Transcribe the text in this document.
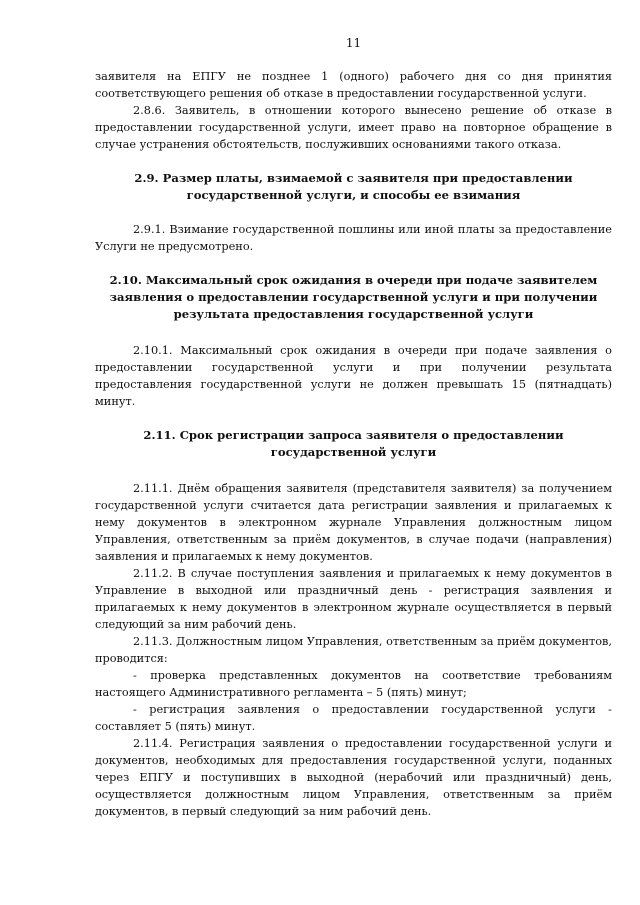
11

заявителя на ЕПГУ не позднее 1 (одного) рабочего дня со дня принятия соответствующего решения об отказе в предоставлении государственной услуги.

2.8.6. Заявитель, в отношении которого вынесено решение об отказе в предоставлении государственной услуги, имеет право на повторное обращение в случае устранения обстоятельств, послуживших основаниями такого отказа.

2.9. Размер платы, взимаемой с заявителя при предоставлении государственной услуги, и способы ее взимания

2.9.1. Взимание государственной пошлины или иной платы за предоставление Услуги не предусмотрено.

2.10. Максимальный срок ожидания в очереди при подаче заявителем заявления о предоставлении государственной услуги и при получении результата предоставления государственной услуги

2.10.1. Максимальный срок ожидания в очереди при подаче заявления о предоставлении государственной услуги и при получении результата предоставления государственной услуги не должен превышать 15 (пятнадцать) минут.

2.11. Срок регистрации запроса заявителя о предоставлении государственной услуги

2.11.1. Днём обращения заявителя (представителя заявителя) за получением государственной услуги считается дата регистрации заявления и прилагаемых к нему документов в электронном журнале Управления должностным лицом Управления, ответственным за приём документов, в случае подачи (направления) заявления и прилагаемых к нему документов.

2.11.2. В случае поступления заявления и прилагаемых к нему документов в Управление в выходной или праздничный день - регистрация заявления и прилагаемых к нему документов в электронном журнале осуществляется в первый следующий за ним рабочий день.

2.11.3. Должностным лицом Управления, ответственным за приём документов, проводится:

- проверка представленных документов на соответствие требованиям настоящего Административного регламента – 5 (пять) минут;

- регистрация заявления о предоставлении государственной услуги - составляет 5 (пять) минут.

2.11.4. Регистрация заявления о предоставлении государственной услуги и документов, необходимых для предоставления государственной услуги, поданных через ЕПГУ и поступивших в выходной (нерабочий или праздничный) день, осуществляется должностным лицом Управления, ответственным за приём документов, в первый следующий за ним рабочий день.
